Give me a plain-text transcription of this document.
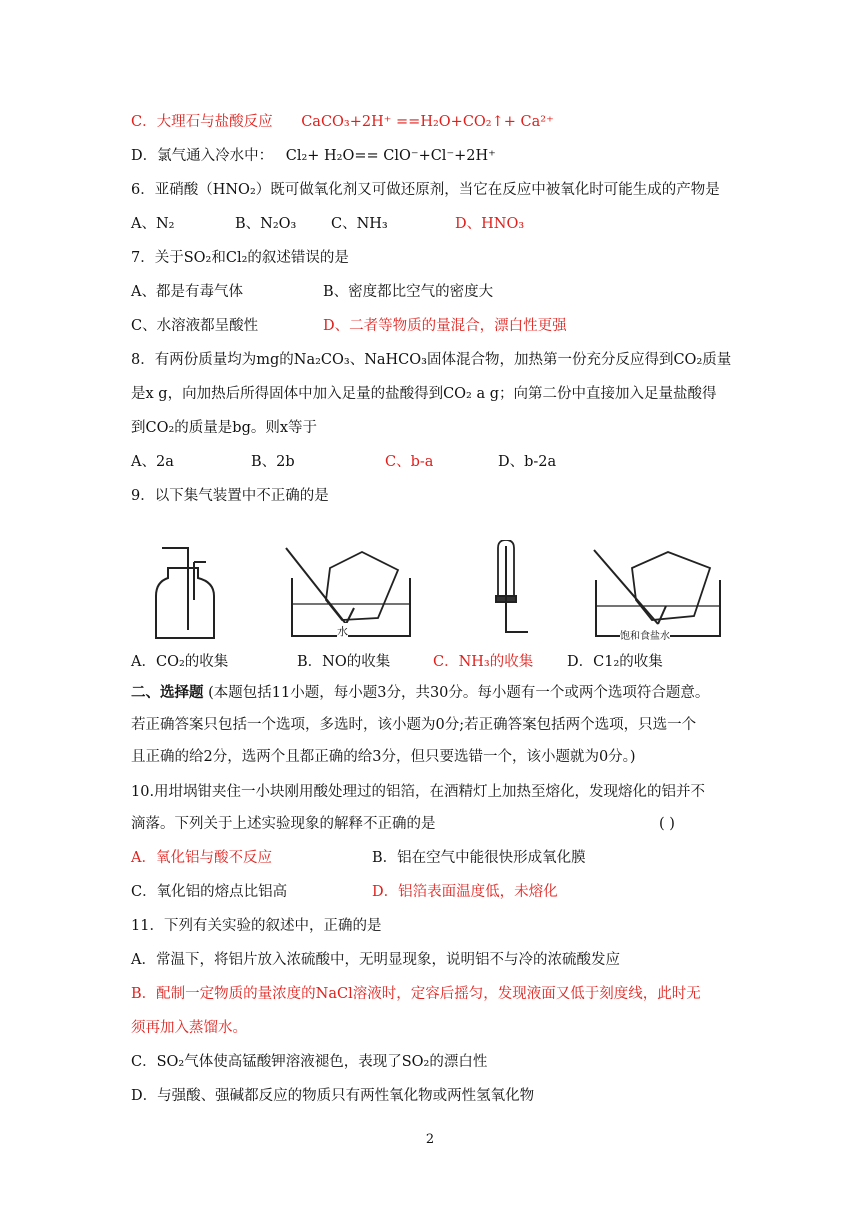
C．大理石与盐酸反应 CaCO₃+2H⁺ ==H₂O+CO₂↑+ Ca²⁺
D．氯气通入冷水中： Cl₂+ H₂O== ClO⁻+Cl⁻+2H⁺
6．亚硝酸（HNO₂）既可做氧化剂又可做还原剂，当它在反应中被氧化时可能生成的产物是
A、N₂	B、N₂O₃ C、NH₃	D、HNO₃
7．关于SO₂和Cl₂的叙述错误的是
A、都是有毒气体	B、密度都比空气的密度大
C、水溶液都呈酸性	D、二者等物质的量混合，漂白性更强
8．有两份质量均为mg的Na₂CO₃、NaHCO₃固体混合物，加热第一份充分反应得到CO₂质量
是x g，向加热后所得固体中加入足量的盐酸得到CO₂ a g；向第二份中直接加入足量盐酸得
到CO₂的质量是bg。则x等于
A、2a	B、2b	C、b-a	D、b-2a
9．以下集气装置中不正确的是
水	饱和食盐水
A．CO₂的收集	B．NO的收集	C．NH₃的收集 D．C1₂的收集
二、选择题 (本题包括11小题，每小题3分，共30分。每小题有一个或两个选项符合题意。
若正确答案只包括一个选项，多选时，该小题为0分;若正确答案包括两个选项，只选一个
且正确的给2分，选两个且都正确的给3分，但只要选错一个，该小题就为0分。)
10.用坩埚钳夹住一小块刚用酸处理过的铝箔，在酒精灯上加热至熔化，发现熔化的铝并不
滴落。下列关于上述实验现象的解释不正确的是	( )
A．氧化铝与酸不反应	B．铝在空气中能很快形成氧化膜
C．氧化铝的熔点比铝高	D．铝箔表面温度低，未熔化
11．下列有关实验的叙述中，正确的是
A．常温下，将铝片放入浓硫酸中，无明显现象，说明铝不与冷的浓硫酸发应
B．配制一定物质的量浓度的NaCl溶液时，定容后摇匀，发现液面又低于刻度线，此时无
须再加入蒸馏水。
C．SO₂气体使高锰酸钾溶液褪色，表现了SO₂的漂白性
D．与强酸、强碱都反应的物质只有两性氧化物或两性氢氧化物
2
